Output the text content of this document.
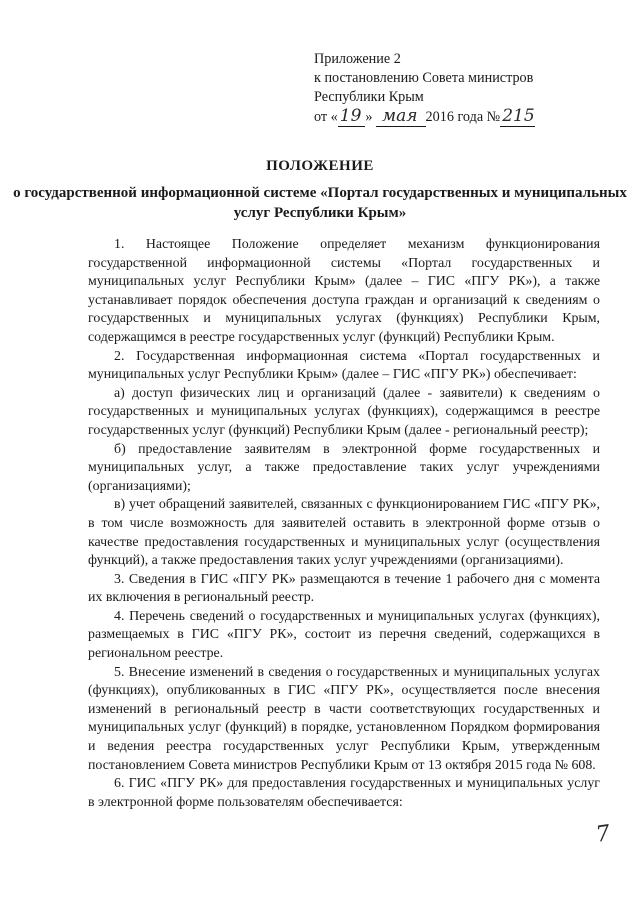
Приложение 2
к постановлению Совета министров
Республики Крым
от « 19 » мая 2016 года № 215
ПОЛОЖЕНИЕ
о государственной информационной системе «Портал государственных и муниципальных услуг Республики Крым»

1. Настоящее Положение определяет механизм функционирования государственной информационной системы «Портал государственных и муниципальных услуг Республики Крым» (далее – ГИС «ПГУ РК»), а также устанавливает порядок обеспечения доступа граждан и организаций к сведениям о государственных и муниципальных услугах (функциях) Республики Крым, содержащимся в реестре государственных услуг (функций) Республики Крым.

2. Государственная информационная система «Портал государственных и муниципальных услуг Республики Крым» (далее – ГИС «ПГУ РК») обеспечивает:

а) доступ физических лиц и организаций (далее - заявители) к сведениям о государственных и муниципальных услугах (функциях), содержащимся в реестре государственных услуг (функций) Республики Крым (далее - региональный реестр);

б) предоставление заявителям в электронной форме государственных и муниципальных услуг, а также предоставление таких услуг учреждениями (организациями);

в) учет обращений заявителей, связанных с функционированием ГИС «ПГУ РК», в том числе возможность для заявителей оставить в электронной форме отзыв о качестве предоставления государственных и муниципальных услуг (осуществления функций), а также предоставления таких услуг учреждениями (организациями).

3. Сведения в ГИС «ПГУ РК» размещаются в течение 1 рабочего дня с момента их включения в региональный реестр.

4. Перечень сведений о государственных и муниципальных услугах (функциях), размещаемых в ГИС «ПГУ РК», состоит из перечня сведений, содержащихся в региональном реестре.

5. Внесение изменений в сведения о государственных и муниципальных услугах (функциях), опубликованных в ГИС «ПГУ РК», осуществляется после внесения изменений в региональный реестр в части соответствующих государственных и муниципальных услуг (функций) в порядке, установленном Порядком формирования и ведения реестра государственных услуг Республики Крым, утвержденным постановлением Совета министров Республики Крым от 13 октября 2015 года № 608.

6. ГИС «ПГУ РК» для предоставления государственных и муниципальных услуг в электронной форме пользователям обеспечивается:

7
